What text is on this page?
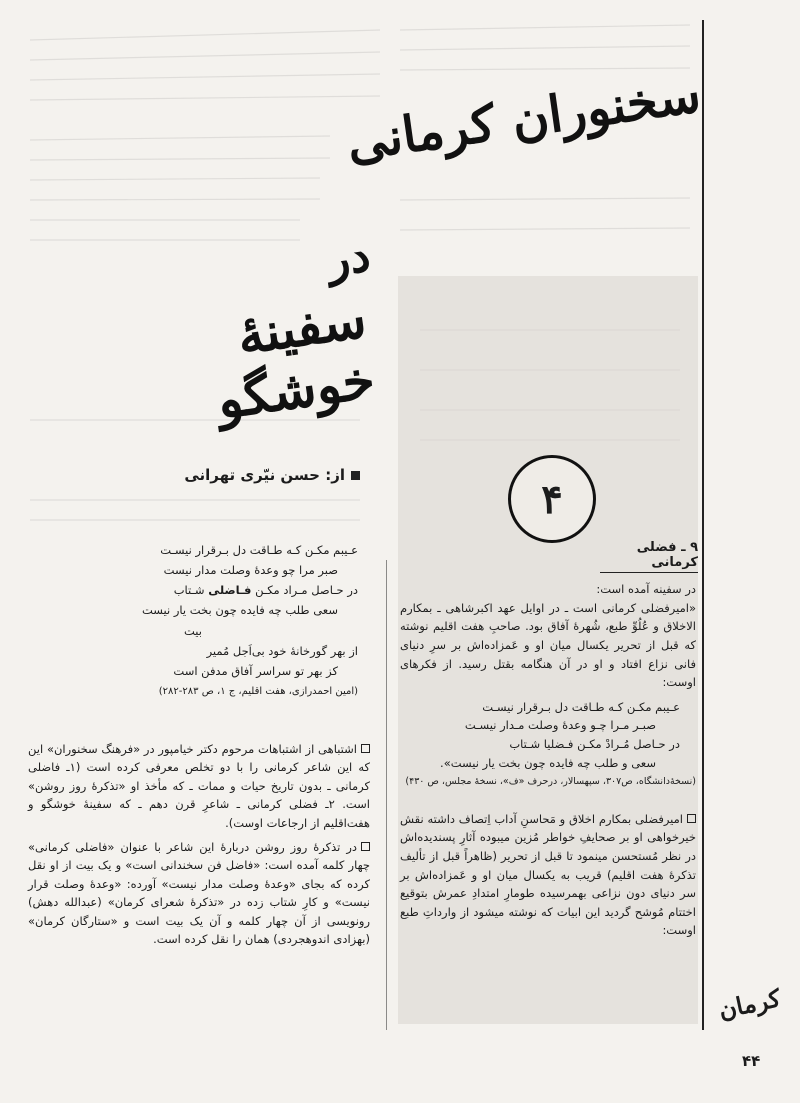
سخنوران کرمانی
در
سفینهٔ خوشگو
از: حسن نیّری تهرانی
۴
۹ ـ فضلی کرمانی
عـیبم مکـن کـه طـاقت دل بـرقرار نیسـت
صبر مرا چو وعدهٔ وصلت مدار نیست
در حـاصل مـراد مکـن فـاضلی شـتاب
سعی طلب چه فایده چون بخت یار نیست
بیت
از بهر گورخانهٔ خود بی‌اَجل مُمیر
کز بهر تو سراسر آفاق مدفن است
(امین احمدرازی، هفت اقلیم، ج ۱، ص ۲۸۳-۲۸۲)

اشتباهی از اشتباهات مرحوم دکتر خیامپور در «فرهنگ سخنوران» این که این شاعر کرمانی را با دو تخلص معرفی کرده است (۱ـ فاضلی کرمانی ـ بدون تاریخ حیات و ممات ـ که مأخذ او «تذکرهٔ روز روشن» است. ۲ـ فضلی کرمانی ـ شاعرِ قرن دهم ـ که سفینهٔ خوشگو و هفت‌اقلیم از ارجاعات اوست).

در تذکرهٔ روز روشن دربارهٔ این شاعر با عنوان «فاضلی کرمانی» چهار کلمه آمده است: «فاضل فن سخندانی است» و یک بیت از او نقل کرده که بجای «وعدهٔ وصلت مدار نیست» آورده: «وعدهٔ وصلت قرار نیست» و کارِ شتاب زده در «تذکرهٔ شعرای کرمان» (عبدالله دهش) رونویسی از آن چهار کلمه و آن یک بیت است و «ستارگان کرمان» (بهزادی اندوهجردی) همان را نقل کرده است.

در سفینه آمده است:

«امیرفضلی کرمانی است ـ در اوایل عهد اکبرشاهی ـ بمکارم الاخلاق و عُلُوِّ طبع، شُهرهٔ آفاق بود. صاحبِ هفت اقلیم نوشته که قبل از تحریر یکسال میان او و عَمزاده‌اش بر سرِ دنیای فانی نزاع افتاد و او در آن هنگامه بقتل رسید. از فکرهای اوست:

عـیبم مکـن کـه طـاقت دل بـرقرار نیسـت
صبـر مـرا چـو وعدهٔ وصلت مـدار نیسـت
در حـاصل مُـرادْ مکـن فـضلیا شـتاب
سعی و طلب چه فایده چون بخت یار نیست».
(نسخهٔ‌دانشگاه، ص۳۰۷، سپهسالار، درحرف «ف»، نسخهٔ مجلس، ص ۴۳۰)

امیرفضلی بمکارم اخلاق و مَحاسنِ آداب اِتصاف داشته نقش خیرخواهی او بر صحایفِ خواطر مُزین میبوده آثارِ پسندیده‌اش در نظر مُستحسن مینمود تا قبل از تحریر (ظاهراً قبل از تألیف تذکرهٔ هفت اقلیم) قریب به یکسال میان او و عَمزاده‌اش بر سر دنیای دون نزاعی بهمرسیده طومارِ امتدادِ عمرش بتوقیع اختتام مُوشح گردید این ابیات که نوشته میشود از وارداتِ طبع اوست:

کرمان
۴۴
